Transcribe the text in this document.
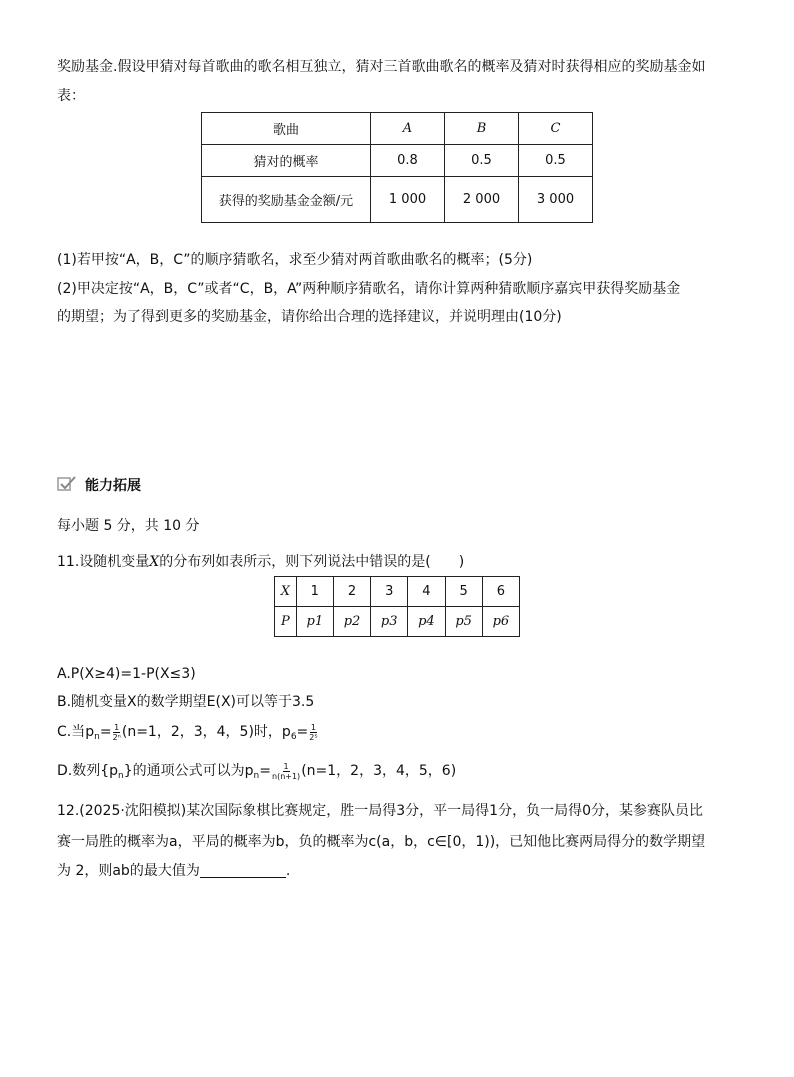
奖励基金.假设甲猜对每首歌曲的歌名相互独立，猜对三首歌曲歌名的概率及猜对时获得相应的奖励基金如
表：
歌曲	A	B	C
猜对的概率	0.8	0.5	0.5
获得的奖励基金金额/元	1 000	2 000	3 000
(1)若甲按“A，B，C”的顺序猜歌名，求至少猜对两首歌曲歌名的概率；(5分)
(2)甲决定按“A，B，C”或者“C，B，A”两种顺序猜歌名，请你计算两种猜歌顺序嘉宾甲获得奖励基金
的期望；为了得到更多的奖励基金，请你给出合理的选择建议，并说明理由(10分)
能力拓展
每小题 5 分，共 10 分
11.设随机变量X的分布列如表所示，则下列说法中错误的是( )
X	1	2	3	4	5	6
P	p1	p2	p3	p4	p5	p6
A.P(X≥4)=1-P(X≤3)
B.随机变量X的数学期望E(X)可以等于3.5
C.当$p_n= \frac{1}{\text{2ⁿ}} (n=1$，2，3，4，5)时，$p_6= \frac{1}{\text{2⁵}}$
D.数列$\{p_n\}$的通项公式可以为$p_n= \frac{1}{n(n+1)} (n=1$，2，3，4，5，6)
12.(2025·沈阳模拟)某次国际象棋比赛规定，胜一局得3分，平一局得1分，负一局得0分，某参赛队员比
赛一局胜的概率为a，平局的概率为b，负的概率为c(a，b，c∈[0，1))，已知他比赛两局得分的数学期望
为 2，则ab的最大值为	.
